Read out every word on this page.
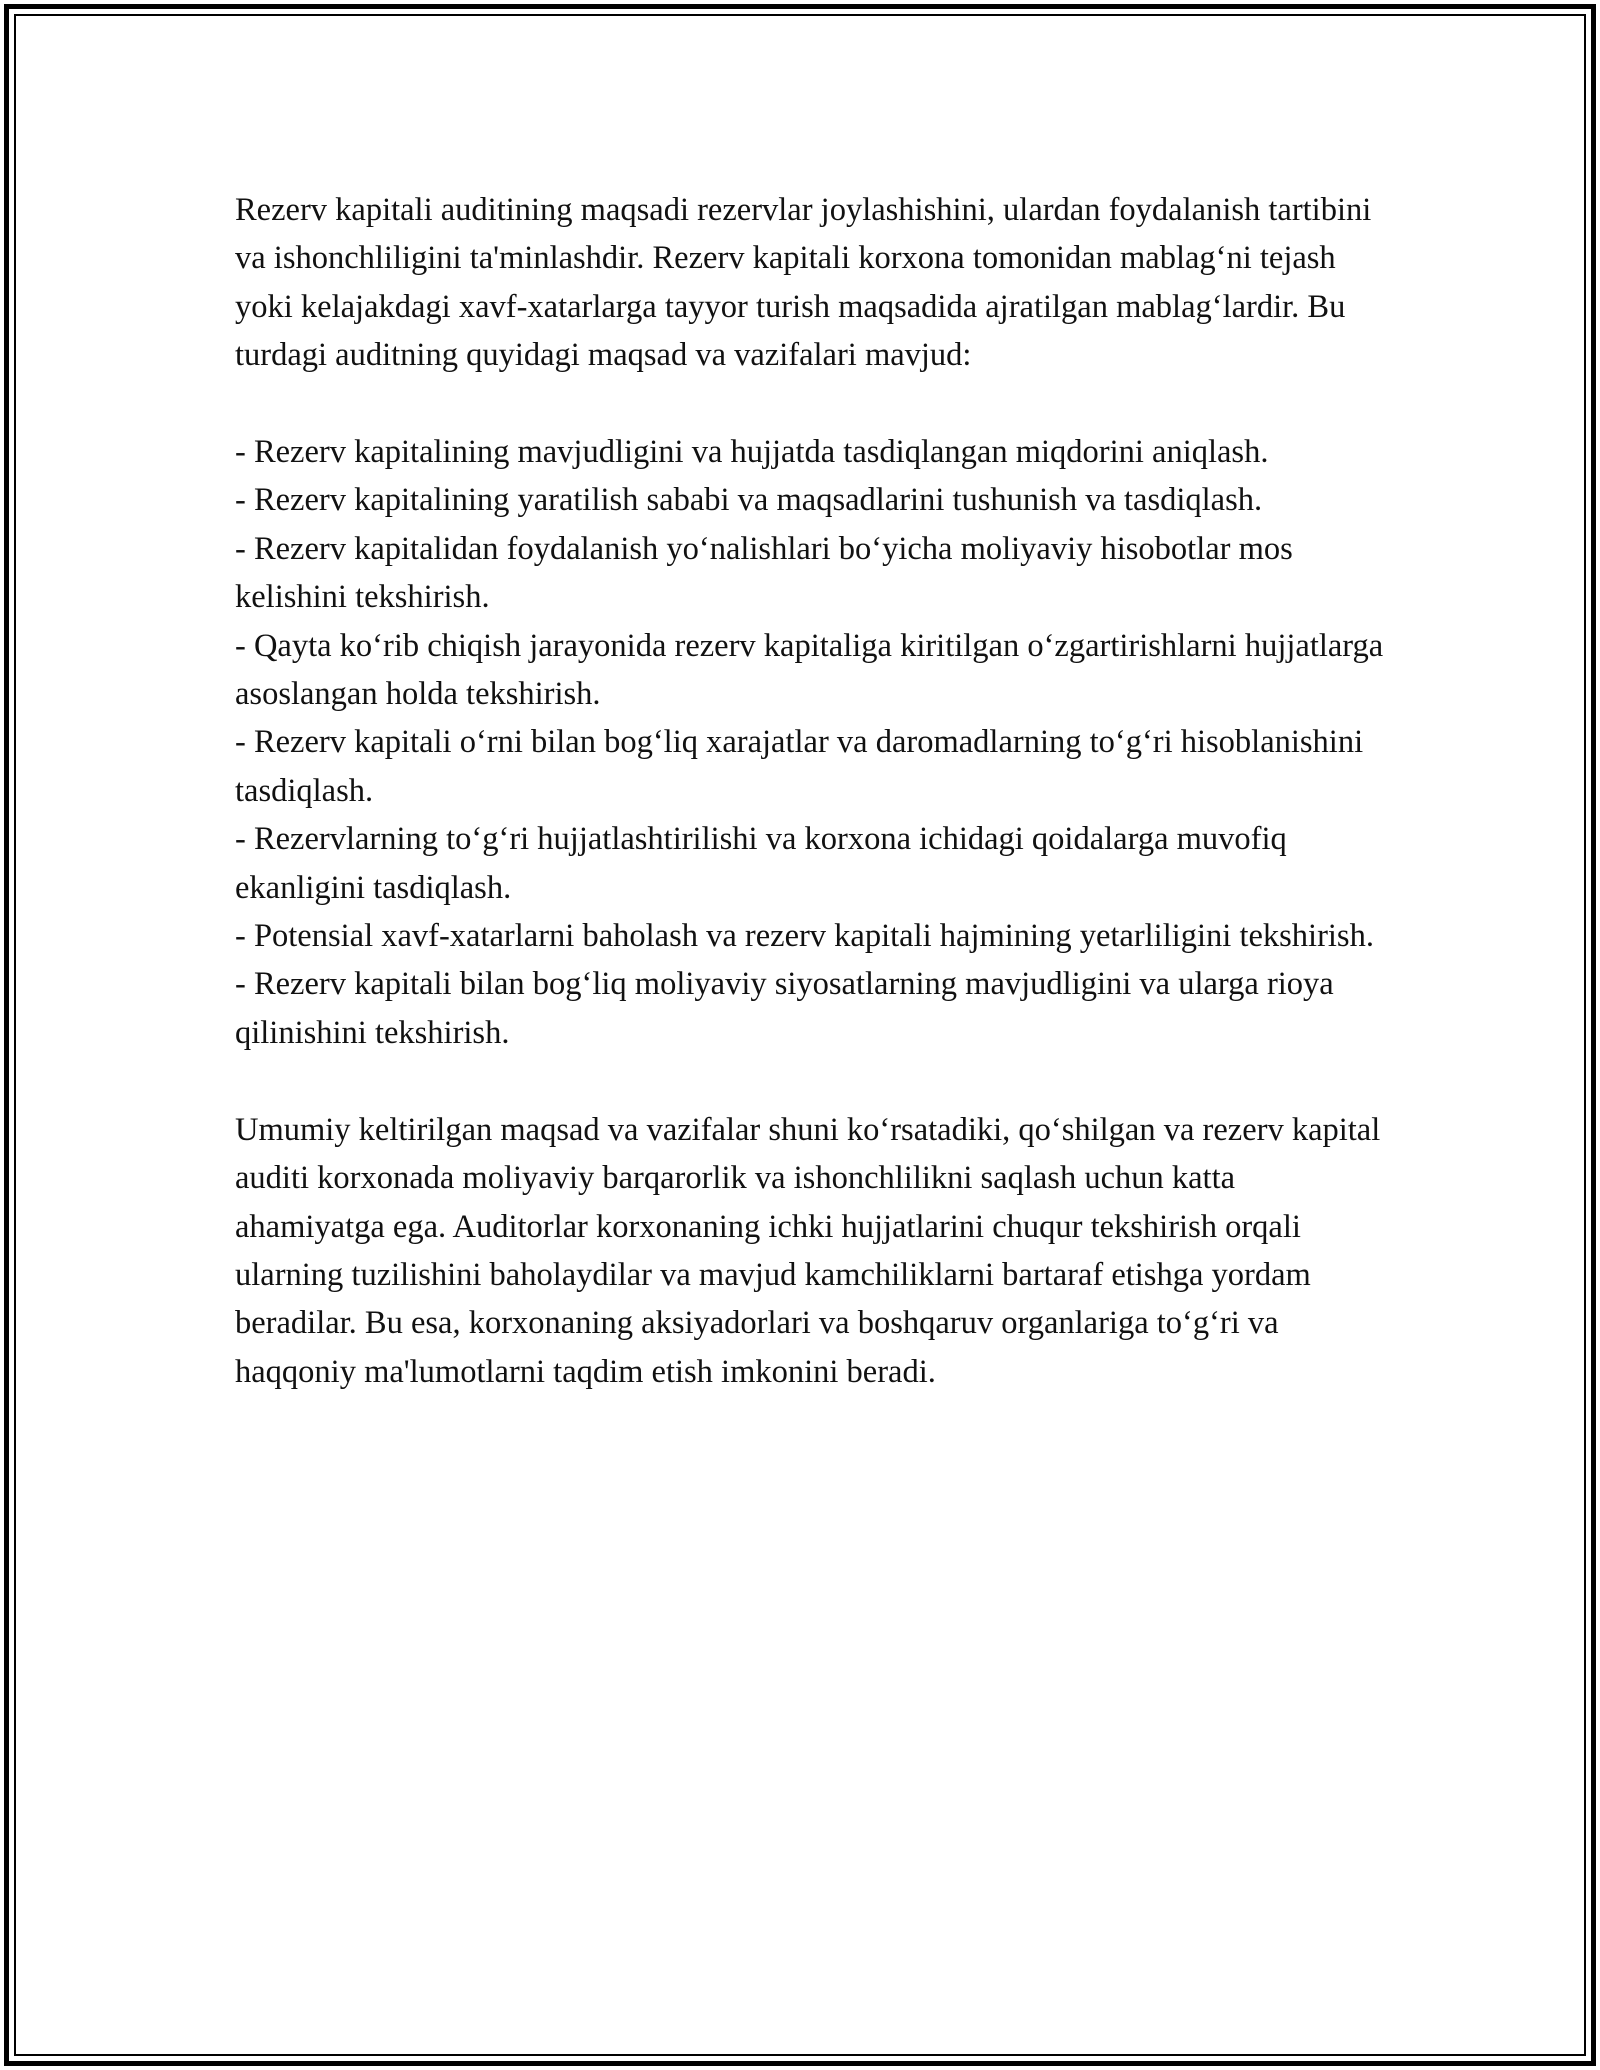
Rezerv kapitali auditining maqsadi rezervlar joylashishini, ulardan foydalanish tartibini va ishonchliligini ta'minlashdir. Rezerv kapitali korxona tomonidan mablag‘ni tejash yoki kelajakdagi xavf-xatarlarga tayyor turish maqsadida ajratilgan mablag‘lardir. Bu turdagi auditning quyidagi maqsad va vazifalari mavjud:

- Rezerv kapitalining mavjudligini va hujjatda tasdiqlangan miqdorini aniqlash.
- Rezerv kapitalining yaratilish sababi va maqsadlarini tushunish va tasdiqlash.
- Rezerv kapitalidan foydalanish yo‘nalishlari bo‘yicha moliyaviy hisobotlar mos kelishini tekshirish.
- Qayta ko‘rib chiqish jarayonida rezerv kapitaliga kiritilgan o‘zgartirishlarni hujjatlarga asoslangan holda tekshirish.
- Rezerv kapitali o‘rni bilan bog‘liq xarajatlar va daromadlarning to‘g‘ri hisoblanishini tasdiqlash.
- Rezervlarning to‘g‘ri hujjatlashtirilishi va korxona ichidagi qoidalarga muvofiq ekanligini tasdiqlash.
- Potensial xavf-xatarlarni baholash va rezerv kapitali hajmining yetarliligini tekshirish.
- Rezerv kapitali bilan bog‘liq moliyaviy siyosatlarning mavjudligini va ularga rioya qilinishini tekshirish.

Umumiy keltirilgan maqsad va vazifalar shuni ko‘rsatadiki, qo‘shilgan va rezerv kapital auditi korxonada moliyaviy barqarorlik va ishonchlilikni saqlash uchun katta ahamiyatga ega. Auditorlar korxonaning ichki hujjatlarini chuqur tekshirish orqali ularning tuzilishini baholaydilar va mavjud kamchiliklarni bartaraf etishga yordam beradilar. Bu esa, korxonaning aksiyadorlari va boshqaruv organlariga to‘g‘ri va haqqoniy ma'lumotlarni taqdim etish imkonini beradi.
